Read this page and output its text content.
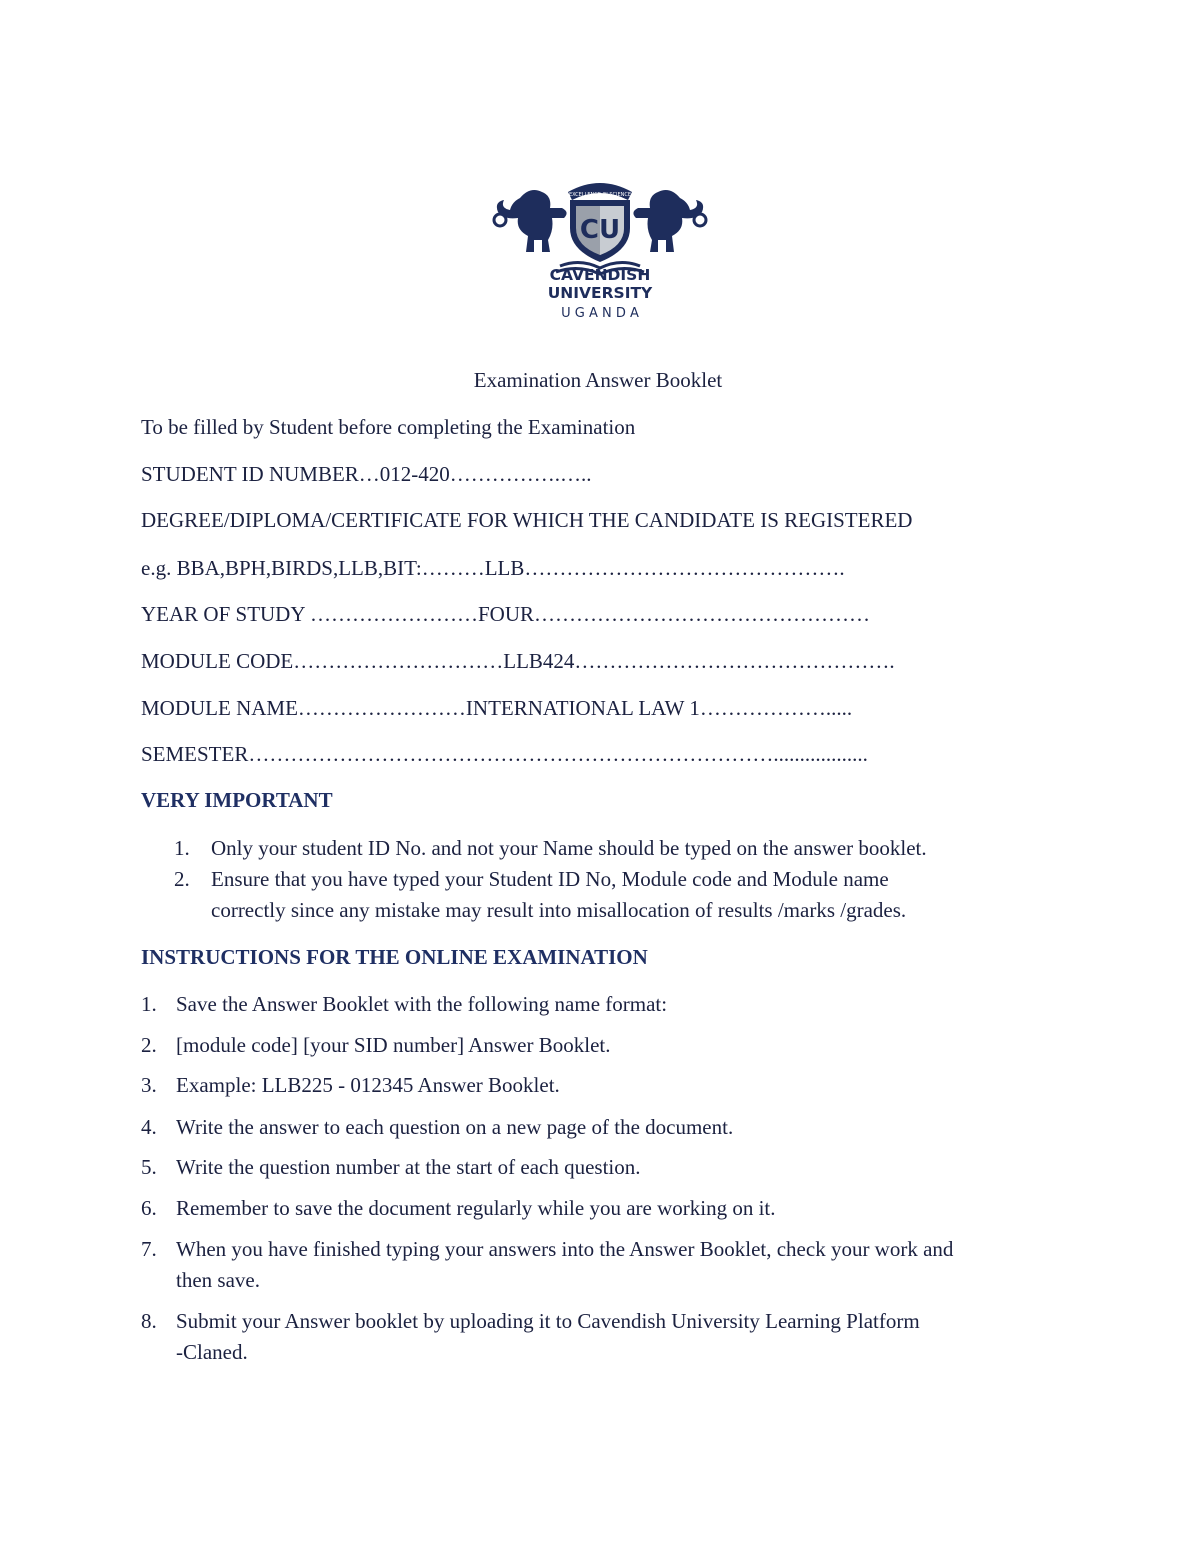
EXCELLENCE IN SCIENCE
CU
CAVENDISH
UNIVERSITY
U G A N D A
Examination Answer Booklet
To be filled by Student before completing the Examination
STUDENT ID NUMBER…012-420…………….…..
DEGREE/DIPLOMA/CERTIFICATE FOR WHICH THE CANDIDATE IS REGISTERED
e.g. BBA,BPH,BIRDS,LLB,BIT:………LLB……………………………………….
YEAR OF STUDY ……………………FOUR…………………………………………
MODULE CODE…………………………LLB424……………………………………….
MODULE NAME……………………INTERNATIONAL LAW 1……………….....
SEMESTER…………………………………………………………………..................
VERY IMPORTANT
1. Only your student ID No. and not your Name should be typed on the answer booklet.
2. Ensure that you have typed your Student ID No, Module code and Module name
correctly since any mistake may result into misallocation of results /marks /grades.
INSTRUCTIONS FOR THE ONLINE EXAMINATION
1. Save the Answer Booklet with the following name format:
2. [module code] [your SID number] Answer Booklet.
3. Example: LLB225 - 012345 Answer Booklet.
4. Write the answer to each question on a new page of the document.
5. Write the question number at the start of each question.
6. Remember to save the document regularly while you are working on it.
7. When you have finished typing your answers into the Answer Booklet, check your work and
then save.
8. Submit your Answer booklet by uploading it to Cavendish University Learning Platform
-Claned.
